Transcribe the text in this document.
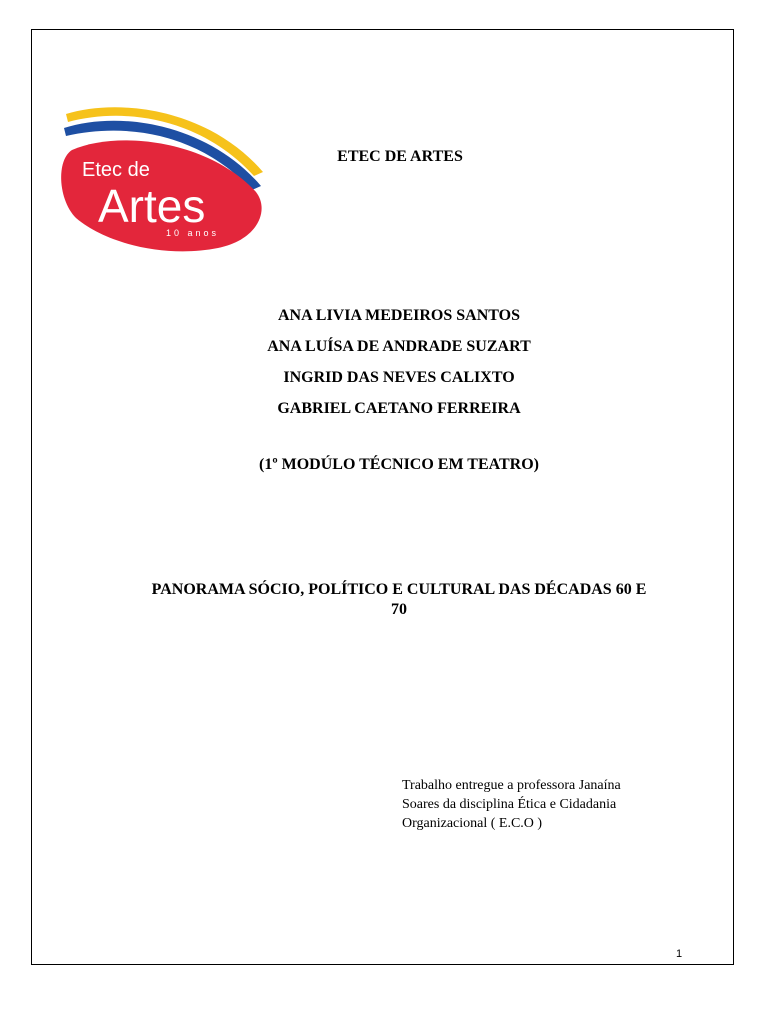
Etec de
Artes
10 anos
ETEC DE ARTES
ANA LIVIA MEDEIROS SANTOS
ANA LUÍSA DE ANDRADE SUZART
INGRID DAS NEVES CALIXTO
GABRIEL CAETANO FERREIRA
(1º MODÚLO TÉCNICO EM TEATRO)
PANORAMA SÓCIO, POLÍTICO E CULTURAL DAS DÉCADAS 60 E
70
Trabalho entregue a professora Janaína
Soares da disciplina Ética e Cidadania
Organizacional ( E.C.O )
1
